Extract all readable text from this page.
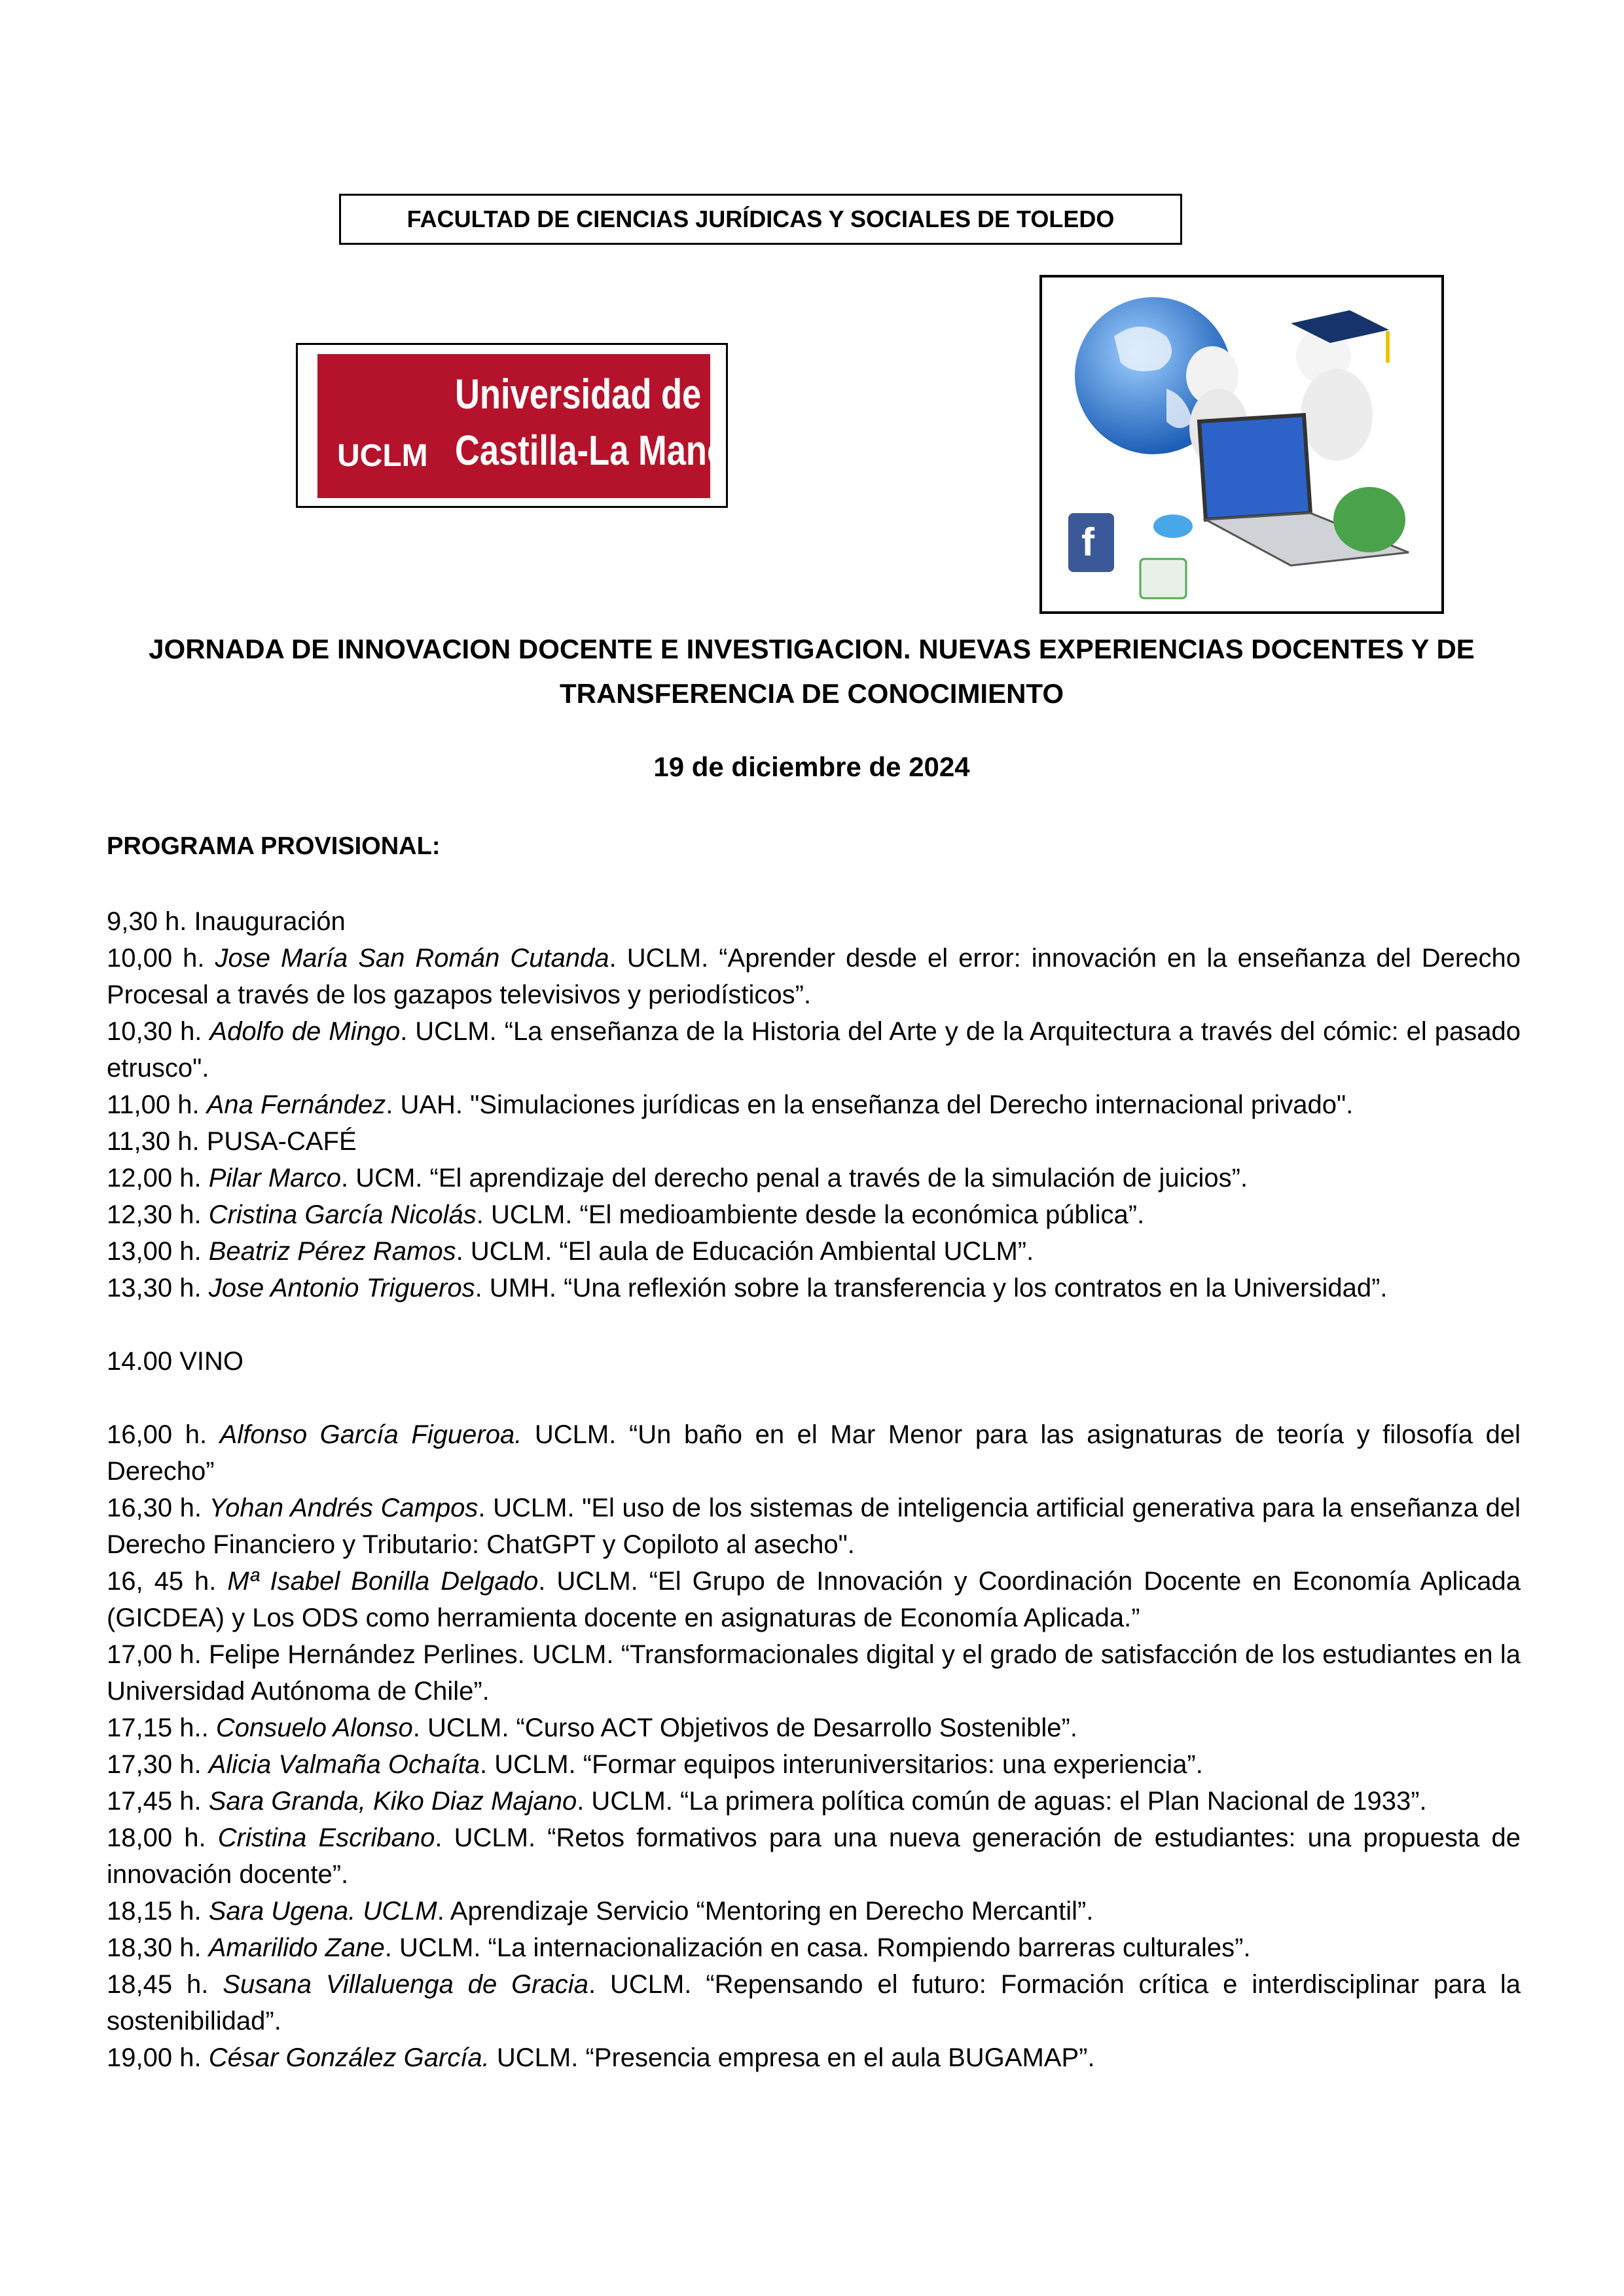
FACULTAD DE CIENCIAS JURÍDICAS Y SOCIALES DE TOLEDO
Universidad de
Castilla-La Mancha
UCLM
f
JORNADA DE INNOVACION DOCENTE E INVESTIGACION. NUEVAS EXPERIENCIAS DOCENTES Y DE
TRANSFERENCIA DE CONOCIMIENTO
19 de diciembre de 2024
PROGRAMA PROVISIONAL:

9,30 h. Inauguración

10,00 h. Jose María San Román Cutanda. UCLM. “Aprender desde el error: innovación en la enseñanza del Derecho Procesal a través de los gazapos televisivos y periodísticos”.

10,30 h. Adolfo de Mingo. UCLM. “La enseñanza de la Historia del Arte y de la Arquitectura a través del cómic: el pasado etrusco".

11,00 h. Ana Fernández. UAH. "Simulaciones jurídicas en la enseñanza del Derecho internacional privado".

11,30 h. PUSA-CAFÉ

12,00 h. Pilar Marco. UCM. “El aprendizaje del derecho penal a través de la simulación de juicios”.

12,30 h. Cristina García Nicolás. UCLM. “El medioambiente desde la económica pública”.

13,00 h. Beatriz Pérez Ramos. UCLM. “El aula de Educación Ambiental UCLM”.

13,30 h. Jose Antonio Trigueros. UMH. “Una reflexión sobre la transferencia y los contratos en la Universidad”.

14.00 VINO

16,00 h. Alfonso García Figueroa. UCLM. “Un baño en el Mar Menor para las asignaturas de teoría y filosofía del Derecho”

16,30 h. Yohan Andrés Campos. UCLM. "El uso de los sistemas de inteligencia artificial generativa para la enseñanza del Derecho Financiero y Tributario: ChatGPT y Copiloto al asecho".

16, 45 h. Mª Isabel Bonilla Delgado. UCLM. “El Grupo de Innovación y Coordinación Docente en Economía Aplicada (GICDEA) y Los ODS como herramienta docente en asignaturas de Economía Aplicada.”

17,00 h. Felipe Hernández Perlines. UCLM. “Transformacionales digital y el grado de satisfacción de los estudiantes en la Universidad Autónoma de Chile”.

17,15 h.. Consuelo Alonso. UCLM. “Curso ACT Objetivos de Desarrollo Sostenible”.

17,30 h. Alicia Valmaña Ochaíta. UCLM. “Formar equipos interuniversitarios: una experiencia”.

17,45 h. Sara Granda, Kiko Diaz Majano. UCLM. “La primera política común de aguas: el Plan Nacional de 1933”.

18,00 h. Cristina Escribano. UCLM. “Retos formativos para una nueva generación de estudiantes: una propuesta de innovación docente”.

18,15 h. Sara Ugena. UCLM. Aprendizaje Servicio “Mentoring en Derecho Mercantil”.

18,30 h. Amarilido Zane. UCLM. “La internacionalización en casa. Rompiendo barreras culturales”.

18,45 h. Susana Villaluenga de Gracia. UCLM. “Repensando el futuro: Formación crítica e interdisciplinar para la sostenibilidad”.

19,00 h. César González García. UCLM. “Presencia empresa en el aula BUGAMAP”.
